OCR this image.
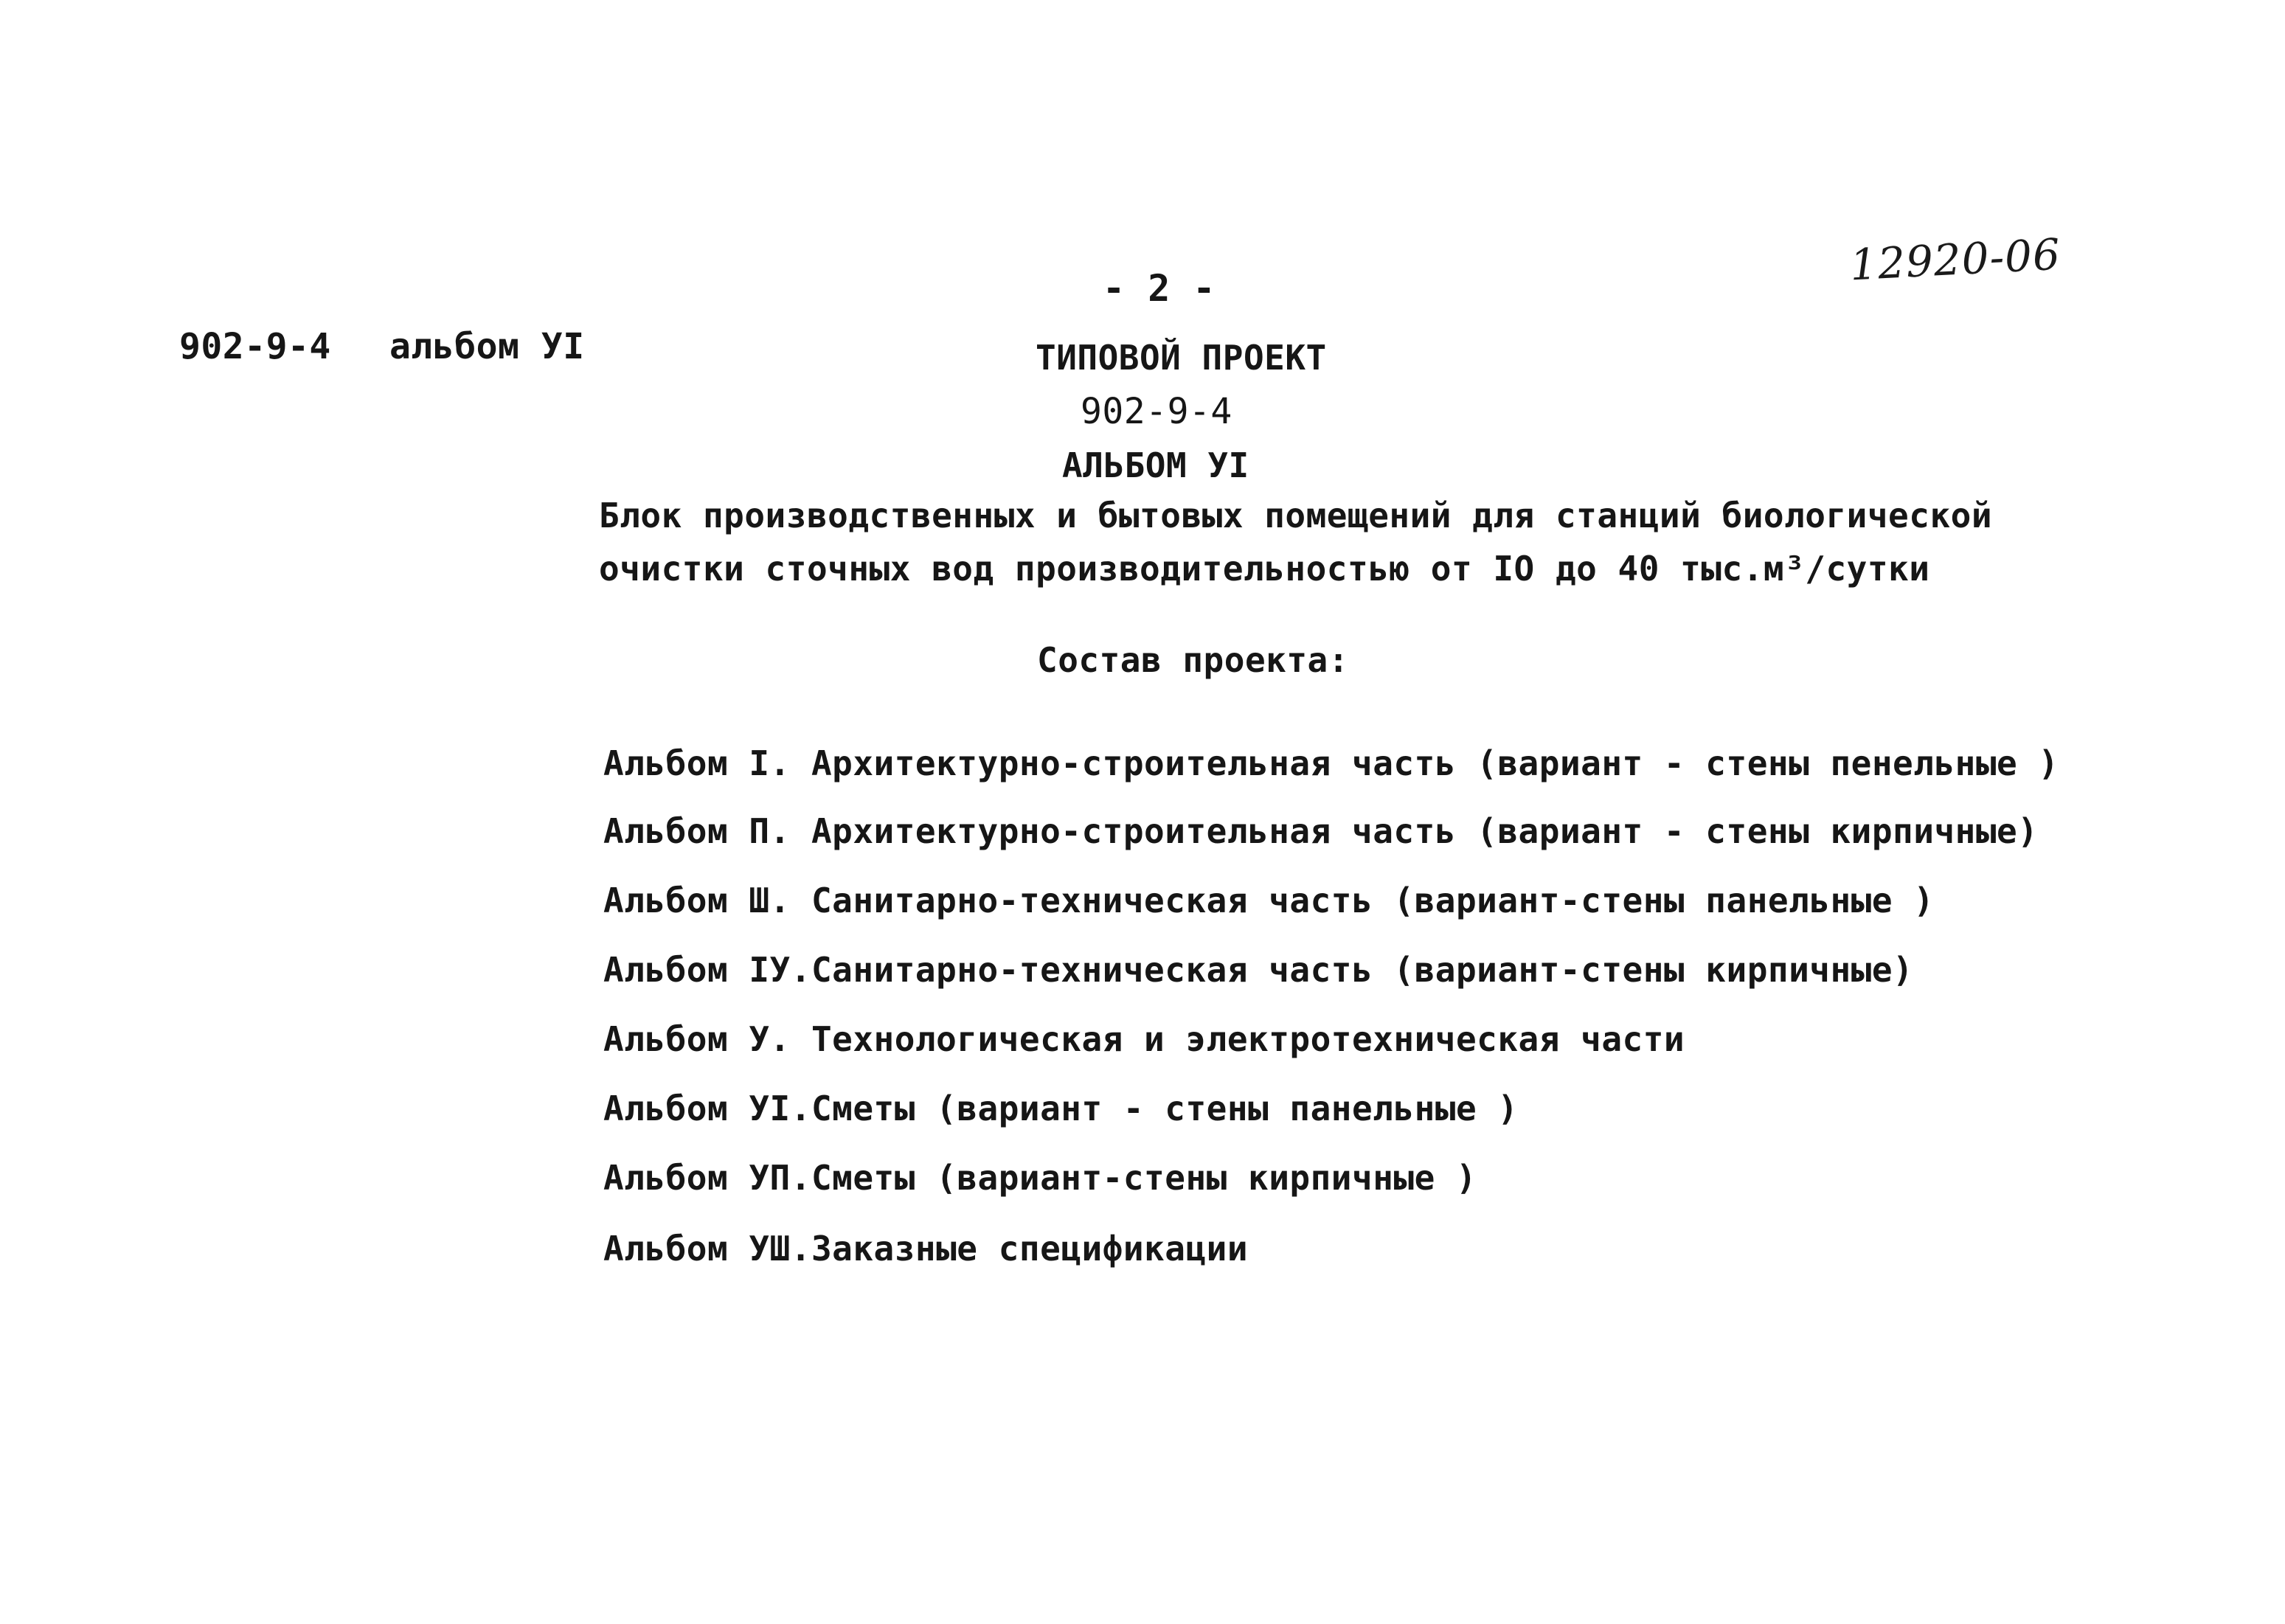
- 2 -
902-9-4 альбом УI
12920-06
ТИПОВОЙ ПРОЕКТ
902-9-4
АЛЬБОМ УI
Блок производственных и бытовых помещений для станций биологической
очистки сточных вод производительностью от IO до 40 тыс.м³/сутки
Состав проекта:
Альбом I. Архитектурно-строительная часть (вариант - стены пенельные )
Альбом П. Архитектурно-строительная часть (вариант - стены кирпичные)
Альбом Ш. Санитарно-техническая часть (вариант-стены панельные )
Альбом IУ.Санитарно-техническая часть (вариант-стены кирпичные)
Альбом У. Технологическая и электротехническая части
Альбом УI.Сметы (вариант - стены панельные )
Альбом УП.Сметы (вариант-стены кирпичные )
Альбом УШ.Заказные спецификации
